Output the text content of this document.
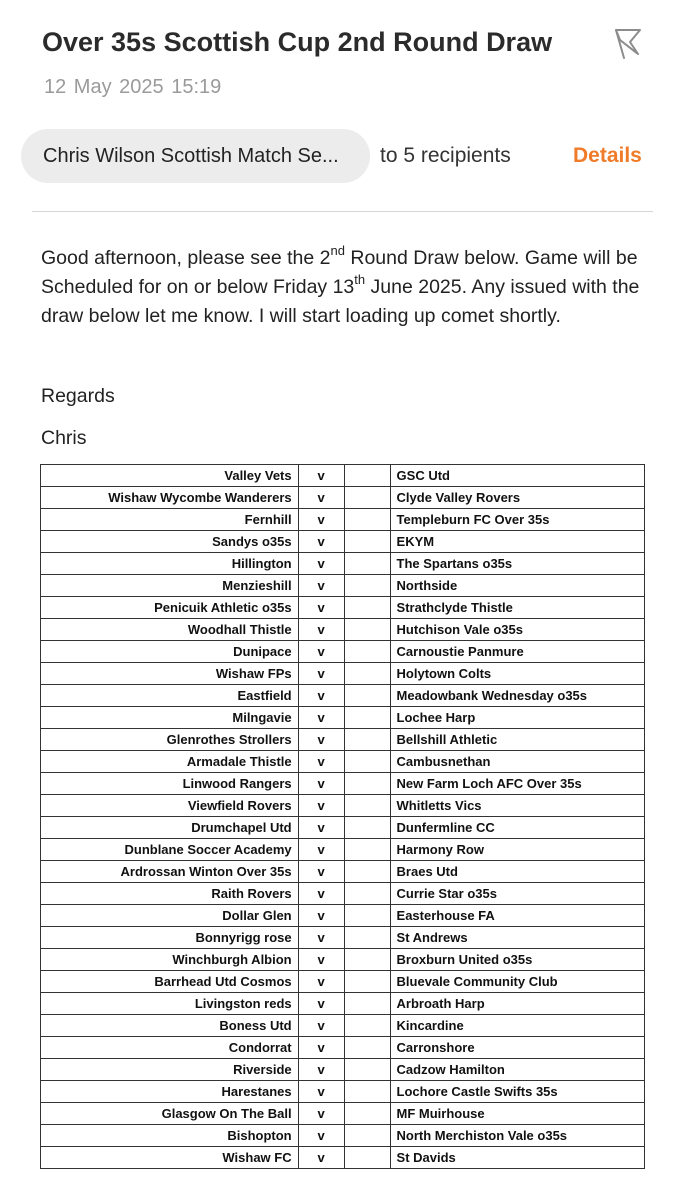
Over 35s Scottish Cup 2nd Round Draw
12 May 2025 15:19
Chris Wilson Scottish Match Se...	to 5 recipients	Details
Good afternoon, please see the 2nd Round Draw below. Game will be Scheduled for on or below Friday 13th June 2025. Any issued with the draw below let me know. I will start loading up comet shortly.
Regards
Chris
Valley Vets	v		GSC Utd
Wishaw Wycombe Wanderers	v		Clyde Valley Rovers
Fernhill	v		Templeburn FC Over 35s
Sandys o35s	v		EKYM
Hillington	v		The Spartans o35s
Menzieshill	v		Northside
Penicuik Athletic o35s	v		Strathclyde Thistle
Woodhall Thistle	v		Hutchison Vale o35s
Dunipace	v		Carnoustie Panmure
Wishaw FPs	v		Holytown Colts
Eastfield	v		Meadowbank Wednesday o35s
Milngavie	v		Lochee Harp
Glenrothes Strollers	v		Bellshill Athletic
Armadale Thistle	v		Cambusnethan
Linwood Rangers	v		New Farm Loch AFC Over 35s
Viewfield Rovers	v		Whitletts Vics
Drumchapel Utd	v		Dunfermline CC
Dunblane Soccer Academy	v		Harmony Row
Ardrossan Winton Over 35s	v		Braes Utd
Raith Rovers	v		Currie Star o35s
Dollar Glen	v		Easterhouse FA
Bonnyrigg rose	v		St Andrews
Winchburgh Albion	v		Broxburn United o35s
Barrhead Utd Cosmos	v		Bluevale Community Club
Livingston reds	v		Arbroath Harp
Boness Utd	v		Kincardine
Condorrat	v		Carronshore
Riverside	v		Cadzow Hamilton
Harestanes	v		Lochore Castle Swifts 35s
Glasgow On The Ball	v		MF Muirhouse
Bishopton	v		North Merchiston Vale o35s
Wishaw FC	v		St Davids
